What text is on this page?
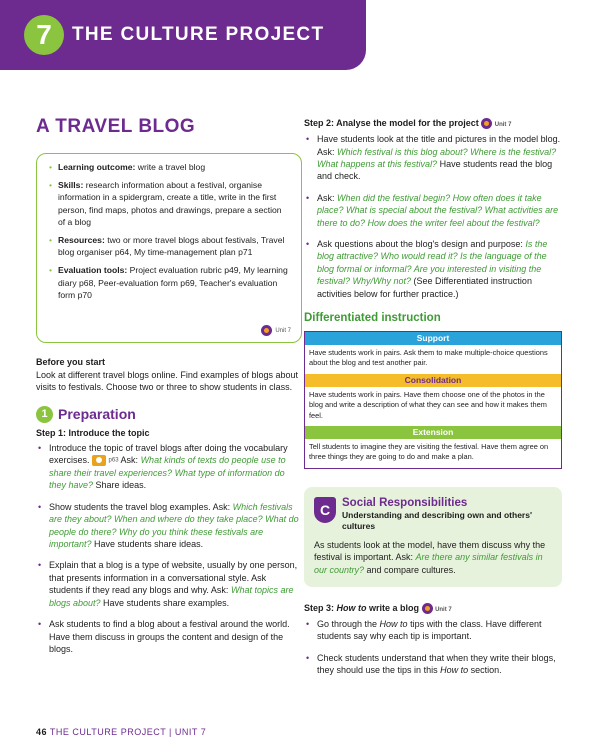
7	THE CULTURE PROJECT
A TRAVEL BLOG
• Learning outcome: write a travel blog
• Skills: research information about a festival, organise information in a spidergram, create a title, write in the first person, find maps, photos and drawings, prepare a section of a blog
• Resources: two or more travel blogs about festivals, Travel blog organiser p64, My time-management plan p71
• Evaluation tools: Project evaluation rubric p49, My learning diary p68, Peer-evaluation form p69, Teacher's evaluation form p70
Unit 7
Before you start
Look at different travel blogs online. Find examples of blogs about visits to festivals. Choose two or three to show students in class.
1 Preparation
Step 1: Introduce the topic
• Introduce the topic of travel blogs after doing the vocabulary exercises.	p63 Ask: What kinds of texts do people use to share their travel experiences? What type of information do they have? Share ideas.
• Show students the travel blog examples. Ask: Which festivals are they about? When and where do they take place? What do people do there? Why do you think these festivals are important? Have students share ideas.
• Explain that a blog is a type of website, usually by one person, that presents information in a conversational style. Ask students if they read any blogs and why. Ask: What topics are blogs about? Have students share examples.
• Ask students to find a blog about a festival around the world. Have them discuss in groups the content and design of the blogs.
Step 2: Analyse the model for the project	Unit 7
• Have students look at the title and pictures in the model blog. Ask: Which festival is this blog about? Where is the festival? What happens at this festival? Have students read the blog and check.
• Ask: When did the festival begin? How often does it take place? What is special about the festival? What activities are there to do? How does the writer feel about the festival?
• Ask questions about the blog's design and purpose: Is the blog attractive? Who would read it? Is the language of the blog formal or informal? Are you interested in visiting the festival? Why/Why not? (See Differentiated instruction activities below for further practice.)
Differentiated instruction
Support
Have students work in pairs. Ask them to make multiple-choice questions about the blog and test another pair.
Consolidation
Have students work in pairs. Have them choose one of the photos in the blog and write a description of what they can see and how it makes them feel.
Extension
Tell students to imagine they are visiting the festival. Have them agree on three things they are going to do and make a plan.
C	Social Responsibilities
Understanding and describing own and others' cultures
As students look at the model, have them discuss why the festival is important. Ask: Are there any similar festivals in our country? and compare cultures.
Step 3: How to write a blog	Unit 7
• Go through the How to tips with the class. Have different students say why each tip is important.
• Check students understand that when they write their blogs, they should use the tips in this How to section.
46 THE CULTURE PROJECT | UNIT 7
